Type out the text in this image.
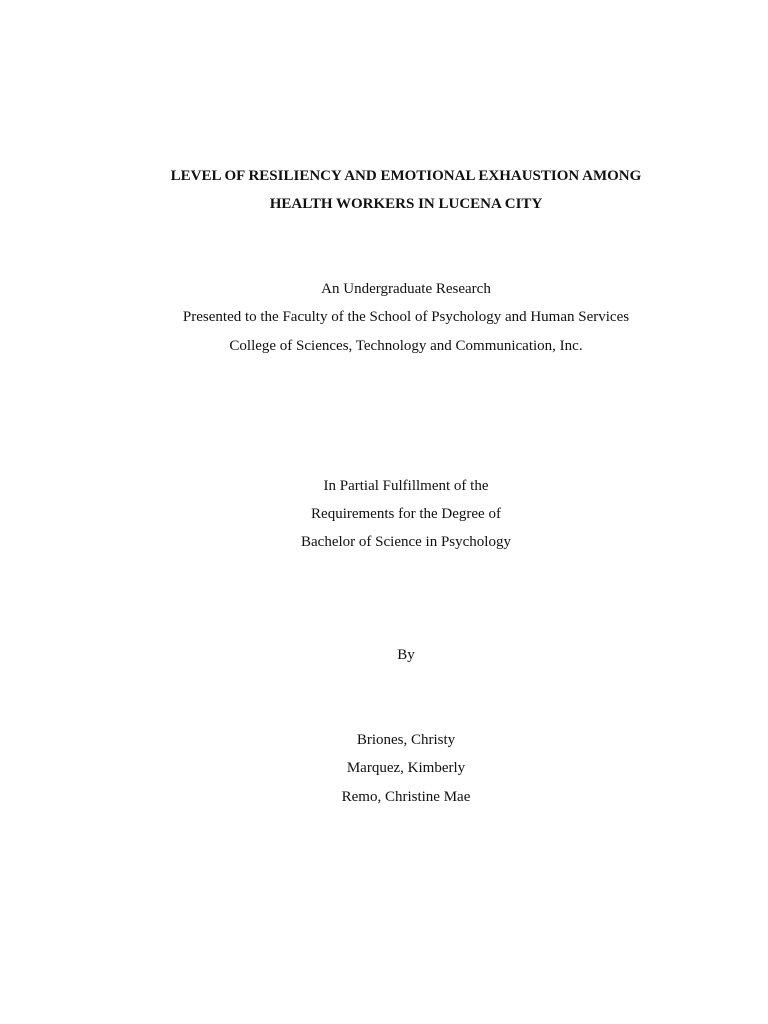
LEVEL OF RESILIENCY AND EMOTIONAL EXHAUSTION AMONG
HEALTH WORKERS IN LUCENA CITY
An Undergraduate Research
Presented to the Faculty of the School of Psychology and Human Services
College of Sciences, Technology and Communication, Inc.
In Partial Fulfillment of the
Requirements for the Degree of
Bachelor of Science in Psychology
By
Briones, Christy
Marquez, Kimberly
Remo, Christine Mae
